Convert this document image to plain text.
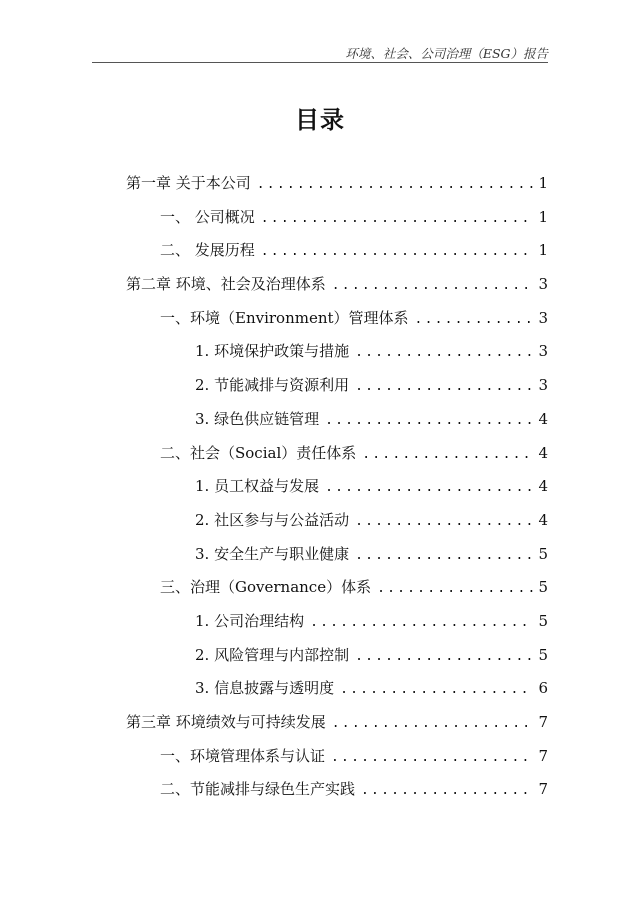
环境、社会、公司治理（ESG）报告
目录
第一章 关于本公司 .....	1
一、 公司概况 .....	1
二、 发展历程 .....	1
第二章 环境、社会及治理体系 .....	3
一、环境（Environment）管理体系 .....	3
1. 环境保护政策与措施 .....	3
2. 节能减排与资源利用 .....	3
3. 绿色供应链管理 .....	4
二、社会（Social）责任体系 .....	4
1. 员工权益与发展 .....	4
2. 社区参与与公益活动 .....	4
3. 安全生产与职业健康 .....	5
三、治理（Governance）体系 .....	5
1. 公司治理结构 .....	5
2. 风险管理与内部控制 .....	5
3. 信息披露与透明度 .....	6
第三章 环境绩效与可持续发展 .....	7
一、环境管理体系与认证 .....	7
二、节能减排与绿色生产实践 .....	7
